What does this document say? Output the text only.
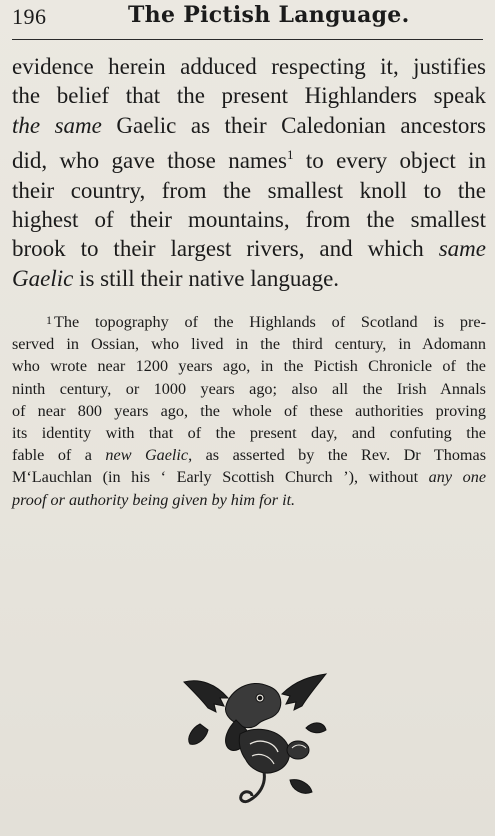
196	The Pictish Language.
evidence herein adduced respecting it, justifies
the belief that the present Highlanders speak
the same Gaelic as their Caledonian ancestors
did, who gave those names$^1$ to every object in
their country, from the smallest knoll to the
highest of their mountains, from the smallest
brook to their largest rivers, and which same
Gaelic is still their native language.
1 The topography of the Highlands of Scotland is pre-
served in Ossian, who lived in the third century, in Adomann
who wrote near 1200 years ago, in the Pictish Chronicle of the
ninth century, or 1000 years ago; also all the Irish Annals
of near 800 years ago, the whole of these authorities proving
its identity with that of the present day, and confuting the
fable of a new Gaelic, as asserted by the Rev. Dr Thomas
M‘Lauchlan (in his ‘ Early Scottish Church ’), without any one
proof or authority being given by him for it.
